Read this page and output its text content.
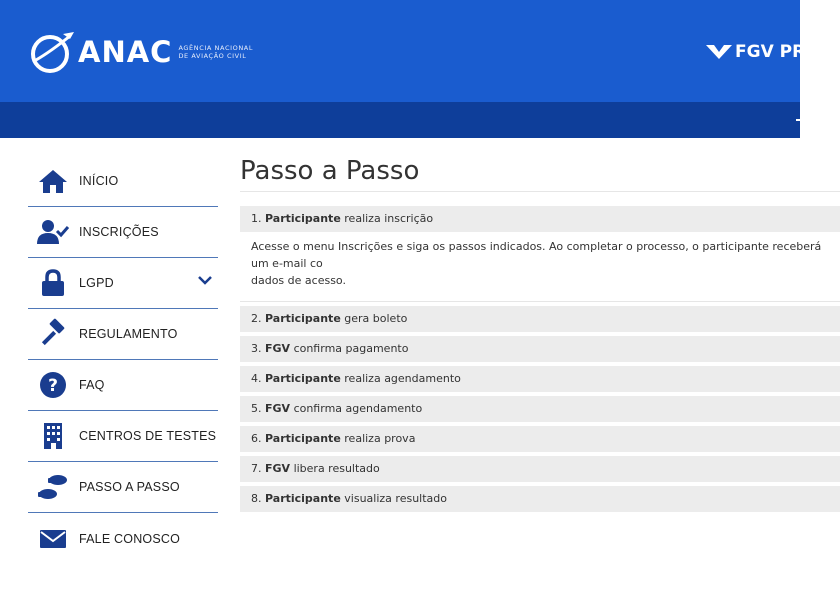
ANAC AGÊNCIA NACIONAL
DE AVIAÇÃO CIVIL	FGV PRO
INÍCIO
INSCRIÇÕES
LGPD
REGULAMENTO
? FAQ
CENTROS DE TESTES
PASSO A PASSO
FALE CONOSCO
Passo a Passo
1. Participante realiza inscrição
Acesse o menu Inscrições e siga os passos indicados. Ao completar o processo, o participante receberá um e-mail co
dados de acesso.
2. Participante gera boleto
3. FGV confirma pagamento
4. Participante realiza agendamento
5. FGV confirma agendamento
6. Participante realiza prova
7. FGV libera resultado
8. Participante visualiza resultado
